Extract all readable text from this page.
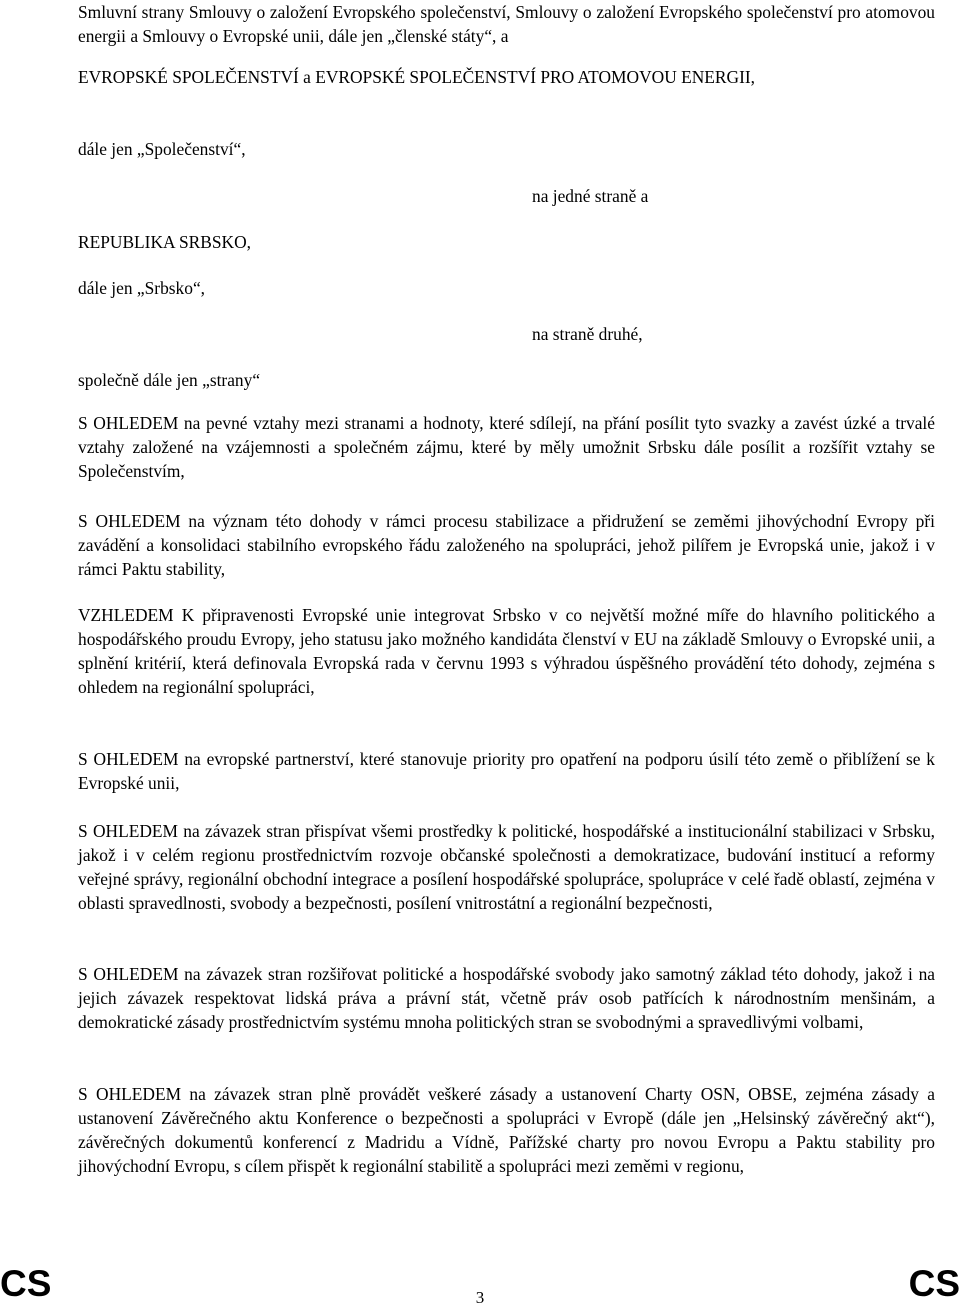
Smluvní strany Smlouvy o založení Evropského společenství, Smlouvy o založení Evropského společenství pro atomovou energii a Smlouvy o Evropské unii, dále jen „členské státy“, a

EVROPSKÉ SPOLEČENSTVÍ a EVROPSKÉ SPOLEČENSTVÍ PRO ATOMOVOU ENERGII,

dále jen „Společenství“,

na jedné straně a

REPUBLIKA SRBSKO,

dále jen „Srbsko“,

na straně druhé,

společně dále jen „strany“

S OHLEDEM na pevné vztahy mezi stranami a hodnoty, které sdílejí, na přání posílit tyto svazky a zavést úzké a trvalé vztahy založené na vzájemnosti a společném zájmu, které by měly umožnit Srbsku dále posílit a rozšířit vztahy se Společenstvím,

S OHLEDEM na význam této dohody v rámci procesu stabilizace a přidružení se zeměmi jihovýchodní Evropy při zavádění a konsolidaci stabilního evropského řádu založeného na spolupráci, jehož pilířem je Evropská unie, jakož i v rámci Paktu stability,

VZHLEDEM K připravenosti Evropské unie integrovat Srbsko v co největší možné míře do hlavního politického a hospodářského proudu Evropy, jeho statusu jako možného kandidáta členství v EU na základě Smlouvy o Evropské unii, a splnění kritérií, která definovala Evropská rada v červnu 1993 s výhradou úspěšného provádění této dohody, zejména s ohledem na regionální spolupráci,

S OHLEDEM na evropské partnerství, které stanovuje priority pro opatření na podporu úsilí této země o přiblížení se k Evropské unii,

S OHLEDEM na závazek stran přispívat všemi prostředky k politické, hospodářské a institucionální stabilizaci v Srbsku, jakož i v celém regionu prostřednictvím rozvoje občanské společnosti a demokratizace, budování institucí a reformy veřejné správy, regionální obchodní integrace a posílení hospodářské spolupráce, spolupráce v celé řadě oblastí, zejména v oblasti spravedlnosti, svobody a bezpečnosti, posílení vnitrostátní a regionální bezpečnosti,

S OHLEDEM na závazek stran rozšiřovat politické a hospodářské svobody jako samotný základ této dohody, jakož i na jejich závazek respektovat lidská práva a právní stát, včetně práv osob patřících k národnostním menšinám, a demokratické zásady prostřednictvím systému mnoha politických stran se svobodnými a spravedlivými volbami,

S OHLEDEM na závazek stran plně provádět veškeré zásady a ustanovení Charty OSN, OBSE, zejména zásady a ustanovení Závěrečného aktu Konference o bezpečnosti a spolupráci v Evropě (dále jen „Helsinský závěrečný akt“), závěrečných dokumentů konferencí z Madridu a Vídně, Pařížské charty pro novou Evropu a Paktu stability pro jihovýchodní Evropu, s cílem přispět k regionální stabilitě a spolupráci mezi zeměmi v regionu,

CS	3	CS
